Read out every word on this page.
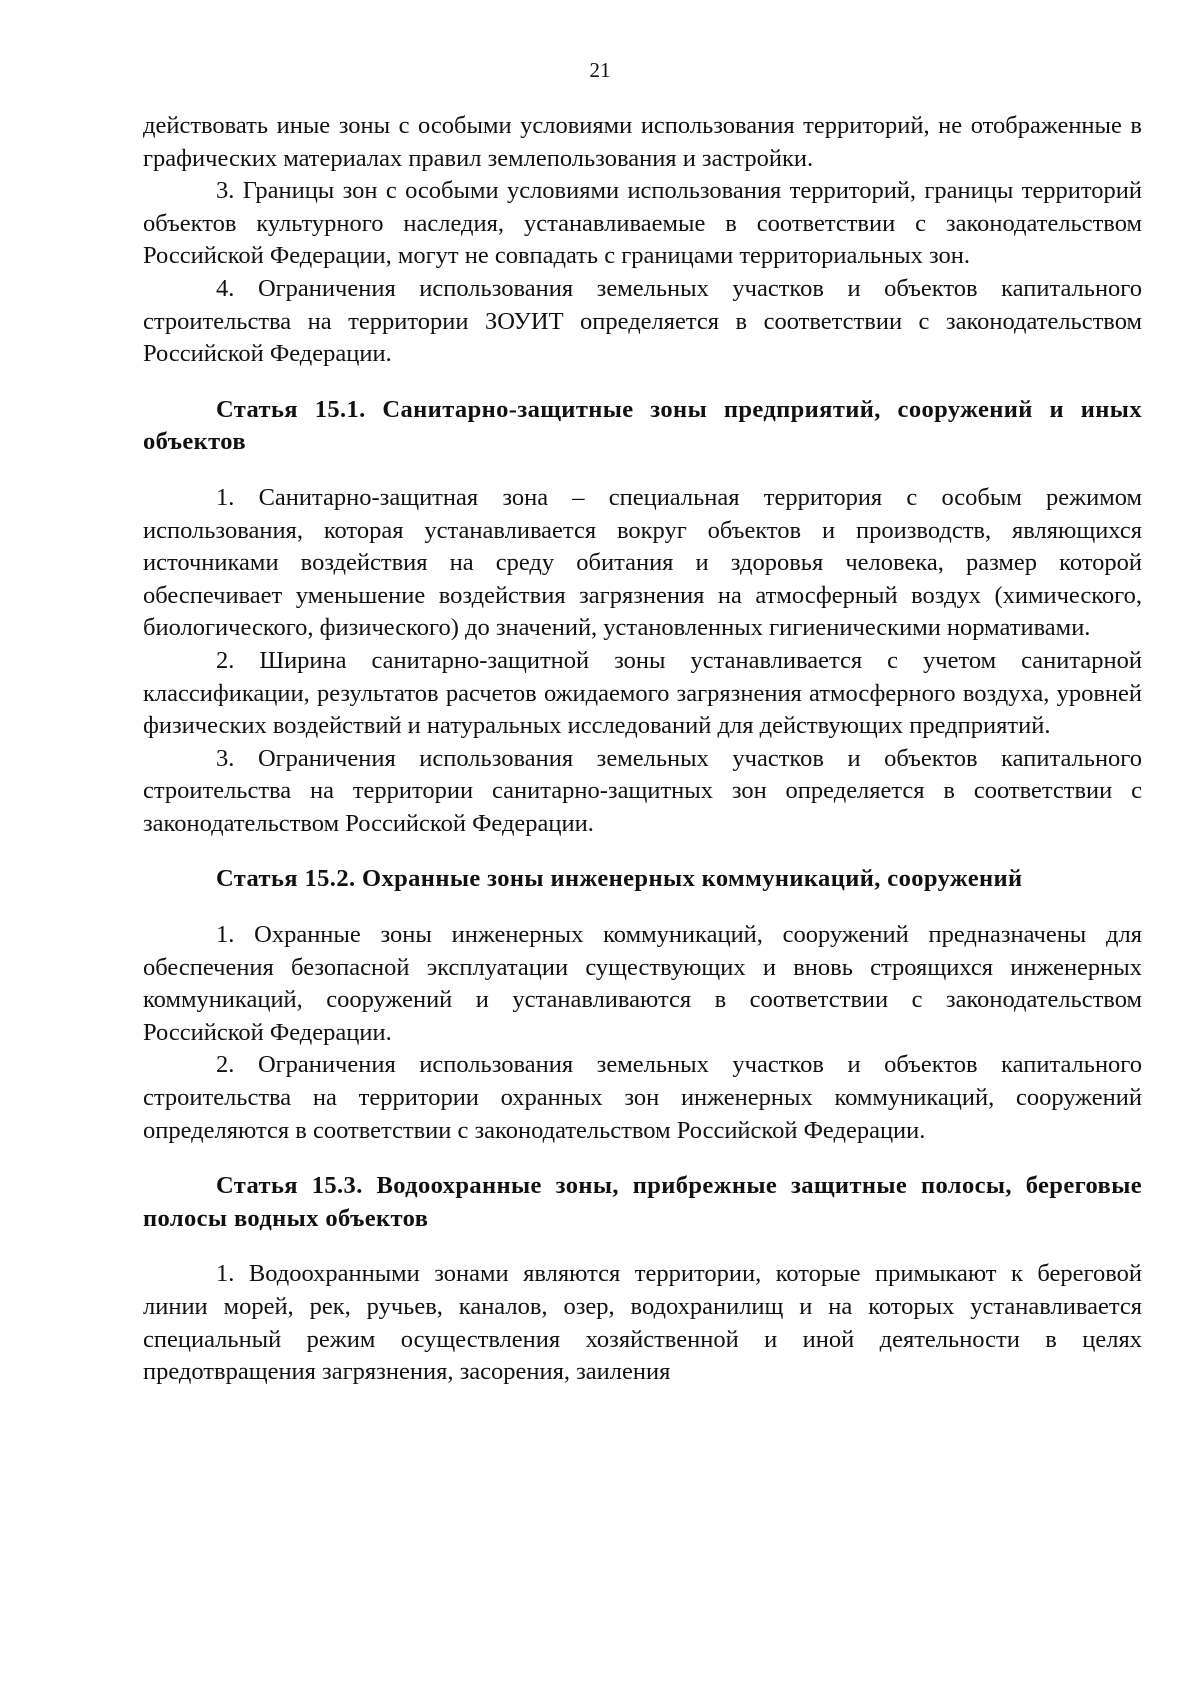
21

действовать иные зоны с особыми условиями использования территорий, не отображенные в графических материалах правил землепользования и застройки.

3. Границы зон с особыми условиями использования территорий, границы территорий объектов культурного наследия, устанавливаемые в соответствии с законодательством Российской Федерации, могут не совпадать с границами территориальных зон.

4. Ограничения использования земельных участков и объектов капитального строительства на территории ЗОУИТ определяется в соответствии с законодательством Российской Федерации.

Статья 15.1. Санитарно-защитные зоны предприятий, сооружений и иных объектов

1. Санитарно-защитная зона – специальная территория с особым режимом использования, которая устанавливается вокруг объектов и производств, являющихся источниками воздействия на среду обитания и здоровья человека, размер которой обеспечивает уменьшение воздействия загрязнения на атмосферный воздух (химического, биологического, физического) до значений, установленных гигиеническими нормативами.

2. Ширина санитарно-защитной зоны устанавливается с учетом санитарной классификации, результатов расчетов ожидаемого загрязнения атмосферного воздуха, уровней физических воздействий и натуральных исследований для действующих предприятий.

3. Ограничения использования земельных участков и объектов капитального строительства на территории санитарно-защитных зон определяется в соответствии с законодательством Российской Федерации.

Статья 15.2. Охранные зоны инженерных коммуникаций, сооружений

1. Охранные зоны инженерных коммуникаций, сооружений предназначены для обеспечения безопасной эксплуатации существующих и вновь строящихся инженерных коммуникаций, сооружений и устанавливаются в соответствии с законодательством Российской Федерации.

2. Ограничения использования земельных участков и объектов капитального строительства на территории охранных зон инженерных коммуникаций, сооружений определяются в соответствии с законодательством Российской Федерации.

Статья 15.3. Водоохранные зоны, прибрежные защитные полосы, береговые полосы водных объектов

1. Водоохранными зонами являются территории, которые примыкают к береговой линии морей, рек, ручьев, каналов, озер, водохранилищ и на которых устанавливается специальный режим осуществления хозяйственной и иной деятельности в целях предотвращения загрязнения, засорения, заиления
